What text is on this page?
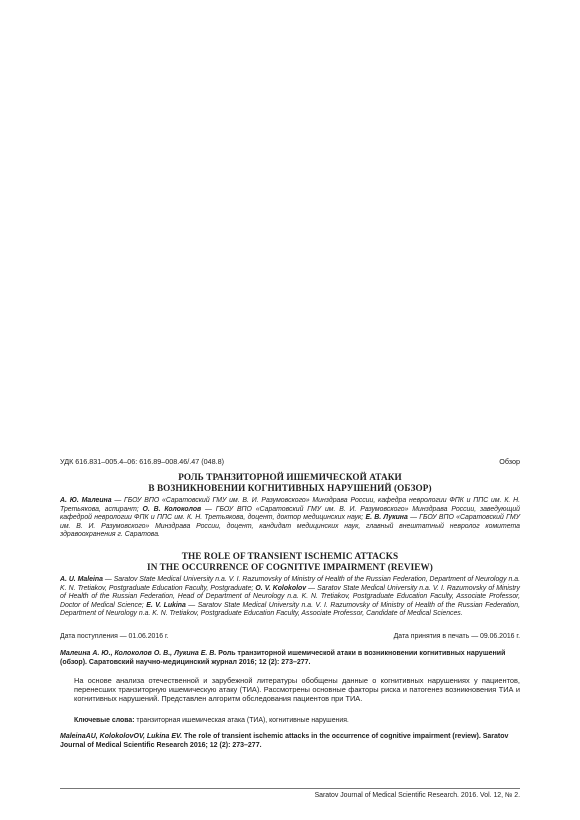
УДК 616.831–005.4–06: 616.89–008.46/.47 (048.8)	Обзор
РОЛЬ ТРАНЗИТОРНОЙ ИШЕМИЧЕСКОЙ АТАКИ
В ВОЗНИКНОВЕНИИ КОГНИТИВНЫХ НАРУШЕНИЙ (ОБЗОР)
А. Ю. Малеина — ГБОУ ВПО «Саратовский ГМУ им. В. И. Разумовского» Минздрава России, кафедра неврологии ФПК и ППС им. К. Н. Третьякова, аспирант; О. В. Колоколов — ГБОУ ВПО «Саратовский ГМУ им. В. И. Разумовского» Минздрава России, заведующий кафедрой неврологии ФПК и ППС им. К. Н. Третьякова, доцент, доктор медицинских наук; Е. В. Лукина — ГБОУ ВПО «Саратовский ГМУ им. В. И. Разумовского» Минздрава России, доцент, кандидат медицинских наук, главный внештатный невролог комитета здравоохранения г. Саратова.
THE ROLE OF TRANSIENT ISCHEMIC ATTACKS
IN THE OCCURRENCE OF COGNITIVE IMPAIRMENT (REVIEW)
A. U. Maleina — Saratov State Medical University n.a. V. I. Razumovsky of Ministry of Health of the Russian Federation, Department of Neurology n.a. K. N. Tretiakov, Postgraduate Education Faculty, Postgraduate; O. V. Kolokolov — Saratov State Medical University n.a. V. I. Razumovsky of Ministry of Health of the Russian Federation, Head of Department of Neurology n.a. K. N. Tretiakov, Postgraduate Education Faculty, Associate Professor, Doctor of Medical Science; E. V. Lukina — Saratov State Medical University n.a. V. I. Razumovsky of Ministry of Health of the Russian Federation, Department of Neurology n.a. K. N. Tretiakov, Postgraduate Education Faculty, Associate Professor, Candidate of Medical Sciences.
Дата поступления — 01.06.2016 г.	Дата принятия в печать — 09.06.2016 г.
Малеина А. Ю., Колоколов О. В., Лукина Е. В. Роль транзиторной ишемической атаки в возникновении когнитивных нарушений (обзор). Саратовский научно-медицинский журнал 2016; 12 (2): 273–277.
На основе анализа отечественной и зарубежной литературы обобщены данные о когнитивных нарушениях у пациентов, перенесших транзиторную ишемическую атаку (ТИА). Рассмотрены основные факторы риска и патогенез возникновения ТИА и когнитивных нарушений. Представлен алгоритм обследования пациентов при ТИА.
Ключевые слова: транзиторная ишемическая атака (ТИА), когнитивные нарушения.
MaleinaAU, KolokolovOV, Lukina EV. The role of transient ischemic attacks in the occurrence of cognitive impairment (review). Saratov Journal of Medical Scientific Research 2016; 12 (2): 273–277.
Saratov Journal of Medical Scientific Research. 2016. Vol. 12, № 2.
